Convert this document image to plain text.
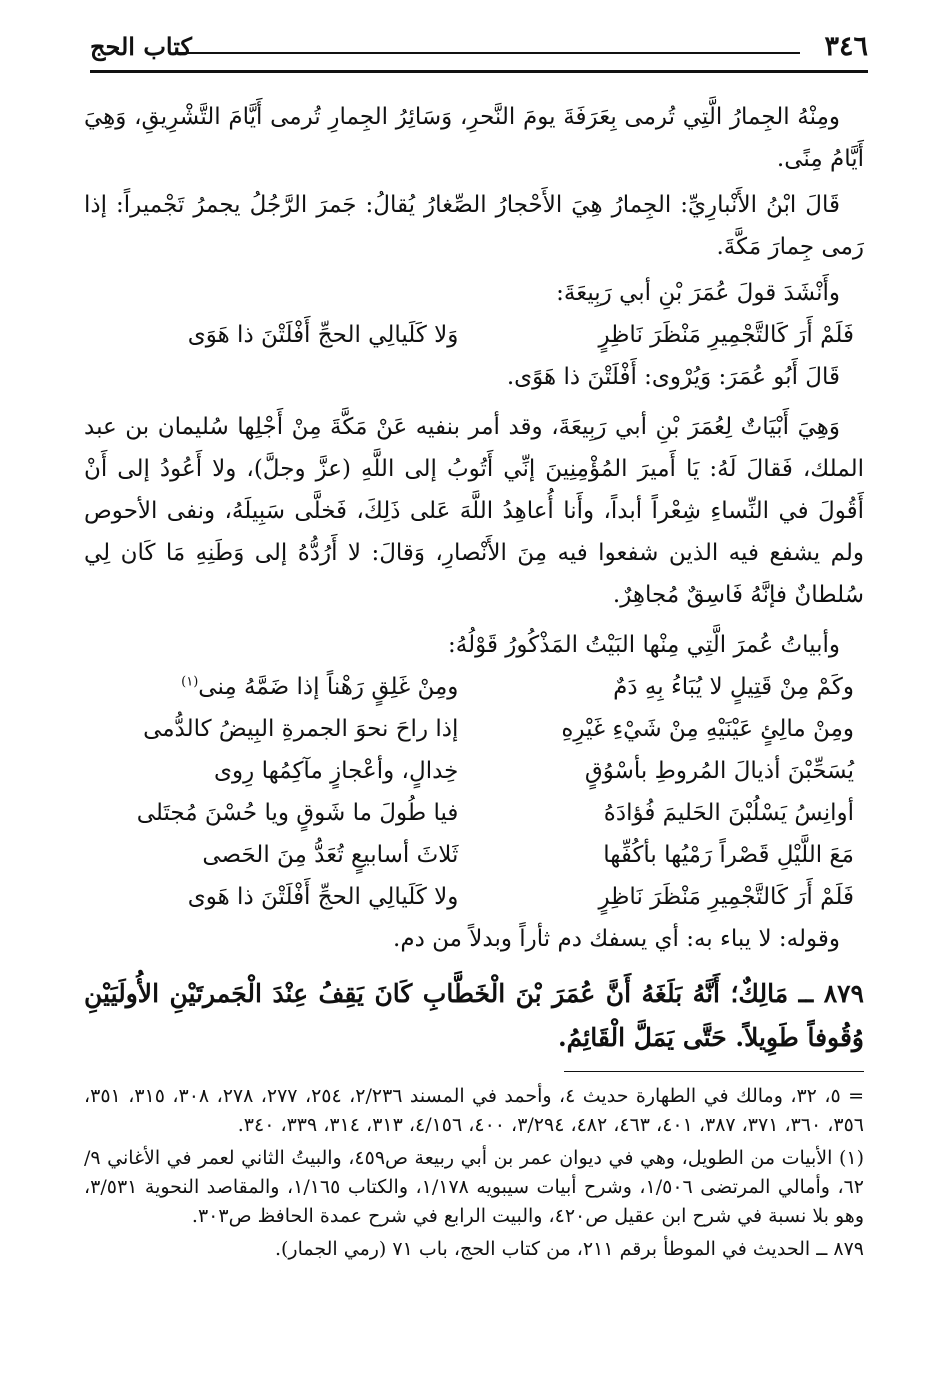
٣٤٦
كتاب الحج

ومِنْهُ الجِمارُ الَّتِي تُرمى بِعَرَفَةَ يومَ النَّحرِ، وَسَائِرُ الجِمارِ تُرمى أَيَّامَ التَّشْرِيقِ، وَهِيَ أَيَّامُ مِنًى.

قَالَ ابْنُ الأَنْبارِيِّ: الجِمارُ هِيَ الأَحْجارُ الصِّغارُ يُقالُ: جَمرَ الرَّجُلُ يجمرُ تَجْميراً: إذا رَمى جِمارَ مَكَّةَ.

وأَنْشَدَ قولَ عُمَرَ بْنِ أبي رَبِيعَةَ:

فَلَمْ أَرَ كَالتَّجْمِيرِ مَنْظَرَ نَاظِرٍ
وَلا كَلَيالِي الحجِّ أَفْلَتْنَ ذا هَوَى

قَالَ أَبُو عُمَرَ: وَيُرْوى: أَفْلَتْنَ ذا هَوًى.

وَهِيَ أَبْيَاتٌ لِعُمَرَ بْنِ أبي رَبِيعَةَ، وقد أمر بنفيه عَنْ مَكَّةَ مِنْ أَجْلِها سُليمان بن عبد الملك، فَقالَ لَهُ: يَا أَميرَ المُؤْمِنِينَ إنِّي أَتُوبُ إلى اللَّهِ (عزَّ وجلَّ)، ولا أَعُودُ إلى أَنْ أَقُولَ في النِّساءِ شِعْراً أبداً، وأَنا أُعاهِدُ اللَّهَ عَلى ذَلِكَ، فَخلَّى سَبِيلَهُ، ونفى الأحوص ولم يشفع فيه الذين شفعوا فيه مِنَ الأَنْصارِ، وَقالَ: لا أَرُدُّهُ إلى وَطَنِهِ مَا كَان لِي سُلطانٌ فإنَّهُ فَاسِقٌ مُجاهِرٌ.

وأبياتُ عُمرَ الَّتِي مِنْها البَيْتُ المَذْكُورُ قَوْلُهُ:

وكَمْ مِنْ قَتِيلٍ لا يُبَاءُ بِهِ دَمٌ
ومِنْ غَلِقٍ رَهْناً إذا ضَمَّهُ مِنى$^{(١)}$
ومِنْ مالِئٍ عَيْنَيْهِ مِنْ شَيْءِ غَيْرِهِ
إذا راحَ نحوَ الجمرةِ البِيضُ كالدُّمى
يُسَحِّبْنَ أذيالَ المُروطِ بأسْوُقٍ
خِدالٍ، وأعْجازٍ مآكِمُها رِوى
أوانِسُ يَسْلُبْنَ الحَليمَ فُؤادَهُ
فيا طُولَ ما شَوقٍ ويا حُسْنَ مُجتَلى
مَعَ اللَّيْلِ قَصْراً رَمْيُها بأكُفِّها
ثَلاثَ أسابيعٍ تُعَدُّ مِنَ الحَصى
فَلَمْ أَرَ كَالتَّجْمِيرِ مَنْظَرَ نَاظِرٍ
ولا كَلَيالِي الحجِّ أَفْلَتْنَ ذا هَوى

وقوله: لا يباء به: أي يسفك دم ثأراً وبدلاً من دم.

٨٧٩ ــ مَالِكٌ؛ أَنَّهُ بَلَغَهُ أَنَّ عُمَرَ بْنَ الْخَطَّابِ كَانَ يَقِفُ عِنْدَ الْجَمرتَيْنِ الأُولَيَيْنِ وُقُوفاً طَوِيلاً. حَتَّى يَمَلَّ الْقَائِمُ.

= ٥، ٣٢، ومالك في الطهارة حديث ٤، وأحمد في المسند ٢/٢٣٦، ٢٥٤، ٢٧٧، ٢٧٨، ٣٠٨، ٣١٥، ٣٥١، ٣٥٦، ٣٦٠، ٣٧١، ٣٨٧، ٤٠١، ٤٦٣، ٤٨٢، ٣/٢٩٤، ٤٠٠، ٤/١٥٦، ٣١٣، ٣١٤، ٣٣٩، ٣٤٠.

(١) الأبيات من الطويل، وهي في ديوان عمر بن أبي ربيعة ص٤٥٩، والبيتُ الثاني لعمر في الأغاني ٩/ ٦٢، وأمالي المرتضى ١/٥٠٦، وشرح أبيات سيبويه ١/١٧٨، والكتاب ١/١٦٥، والمقاصد النحوية ٣/٥٣١، وهو بلا نسبة في شرح ابن عقيل ص٤٢٠، والبيت الرابع في شرح عمدة الحافظ ص٣٠٣.

٨٧٩ ــ الحديث في الموطأ برقم ٢١١، من كتاب الحج، باب ٧١ (رمي الجمار).
